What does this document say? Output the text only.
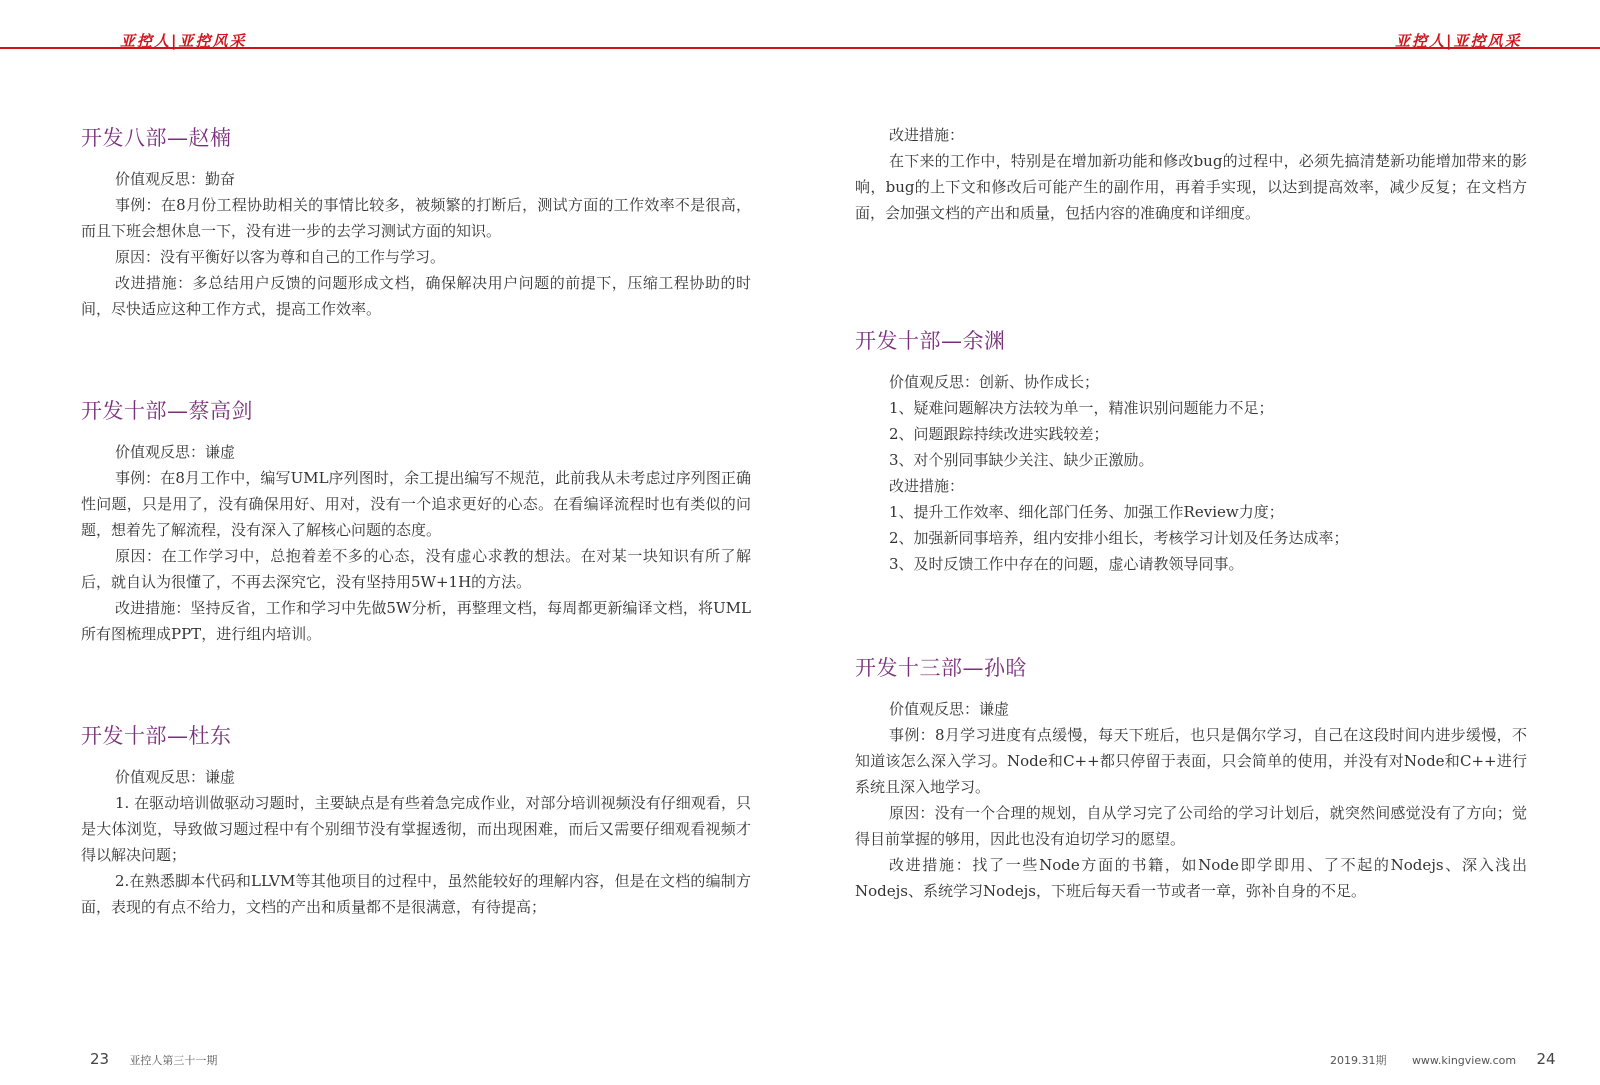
亚控人|亚控风采	亚控人|亚控风采
开发八部—赵楠

价值观反思：勤奋

事例：在8月份工程协助相关的事情比较多，被频繁的打断后，测试方面的工作效率不是很高，而且下班会想休息一下，没有进一步的去学习测试方面的知识。

原因：没有平衡好以客为尊和自己的工作与学习。

改进措施：多总结用户反馈的问题形成文档，确保解决用户问题的前提下，压缩工程协助的时间，尽快适应这种工作方式，提高工作效率。

开发十部—蔡高剑

价值观反思：谦虚

事例：在8月工作中，编写UML序列图时，余工提出编写不规范，此前我从未考虑过序列图正确性问题，只是用了，没有确保用好、用对，没有一个追求更好的心态。在看编译流程时也有类似的问题，想着先了解流程，没有深入了解核心问题的态度。

原因：在工作学习中，总抱着差不多的心态，没有虚心求教的想法。在对某一块知识有所了解后，就自认为很懂了，不再去深究它，没有坚持用5W+1H的方法。

改进措施：坚持反省，工作和学习中先做5W分析，再整理文档，每周都更新编译文档，将UML所有图梳理成PPT，进行组内培训。

开发十部—杜东

价值观反思：谦虚

1. 在驱动培训做驱动习题时，主要缺点是有些着急完成作业，对部分培训视频没有仔细观看，只是大体浏览，导致做习题过程中有个别细节没有掌握透彻，而出现困难，而后又需要仔细观看视频才得以解决问题；

2.在熟悉脚本代码和LLVM等其他项目的过程中，虽然能较好的理解内容，但是在文档的编制方面，表现的有点不给力，文档的产出和质量都不是很满意，有待提高；

改进措施：

在下来的工作中，特别是在增加新功能和修改bug的过程中，必须先搞清楚新功能增加带来的影响，bug的上下文和修改后可能产生的副作用，再着手实现，以达到提高效率，减少反复；在文档方面，会加强文档的产出和质量，包括内容的准确度和详细度。

开发十部—余渊

价值观反思：创新、协作成长；

1、疑难问题解决方法较为单一，精准识别问题能力不足；

2、问题跟踪持续改进实践较差；

3、对个别同事缺少关注、缺少正激励。

改进措施：

1、提升工作效率、细化部门任务、加强工作Review力度；

2、加强新同事培养，组内安排小组长，考核学习计划及任务达成率；

3、及时反馈工作中存在的问题，虚心请教领导同事。

开发十三部—孙晗

价值观反思：谦虚

事例：8月学习进度有点缓慢，每天下班后，也只是偶尔学习，自己在这段时间内进步缓慢，不知道该怎么深入学习。Node和C++都只停留于表面，只会简单的使用，并没有对Node和C++进行系统且深入地学习。

原因：没有一个合理的规划，自从学习完了公司给的学习计划后，就突然间感觉没有了方向；觉得目前掌握的够用，因此也没有迫切学习的愿望。

改进措施：找了一些Node方面的书籍，如Node即学即用、了不起的Nodejs、深入浅出Nodejs、系统学习Nodejs，下班后每天看一节或者一章，弥补自身的不足。

23 亚控人第三十一期	2019.31期 www.kingview.com 24
